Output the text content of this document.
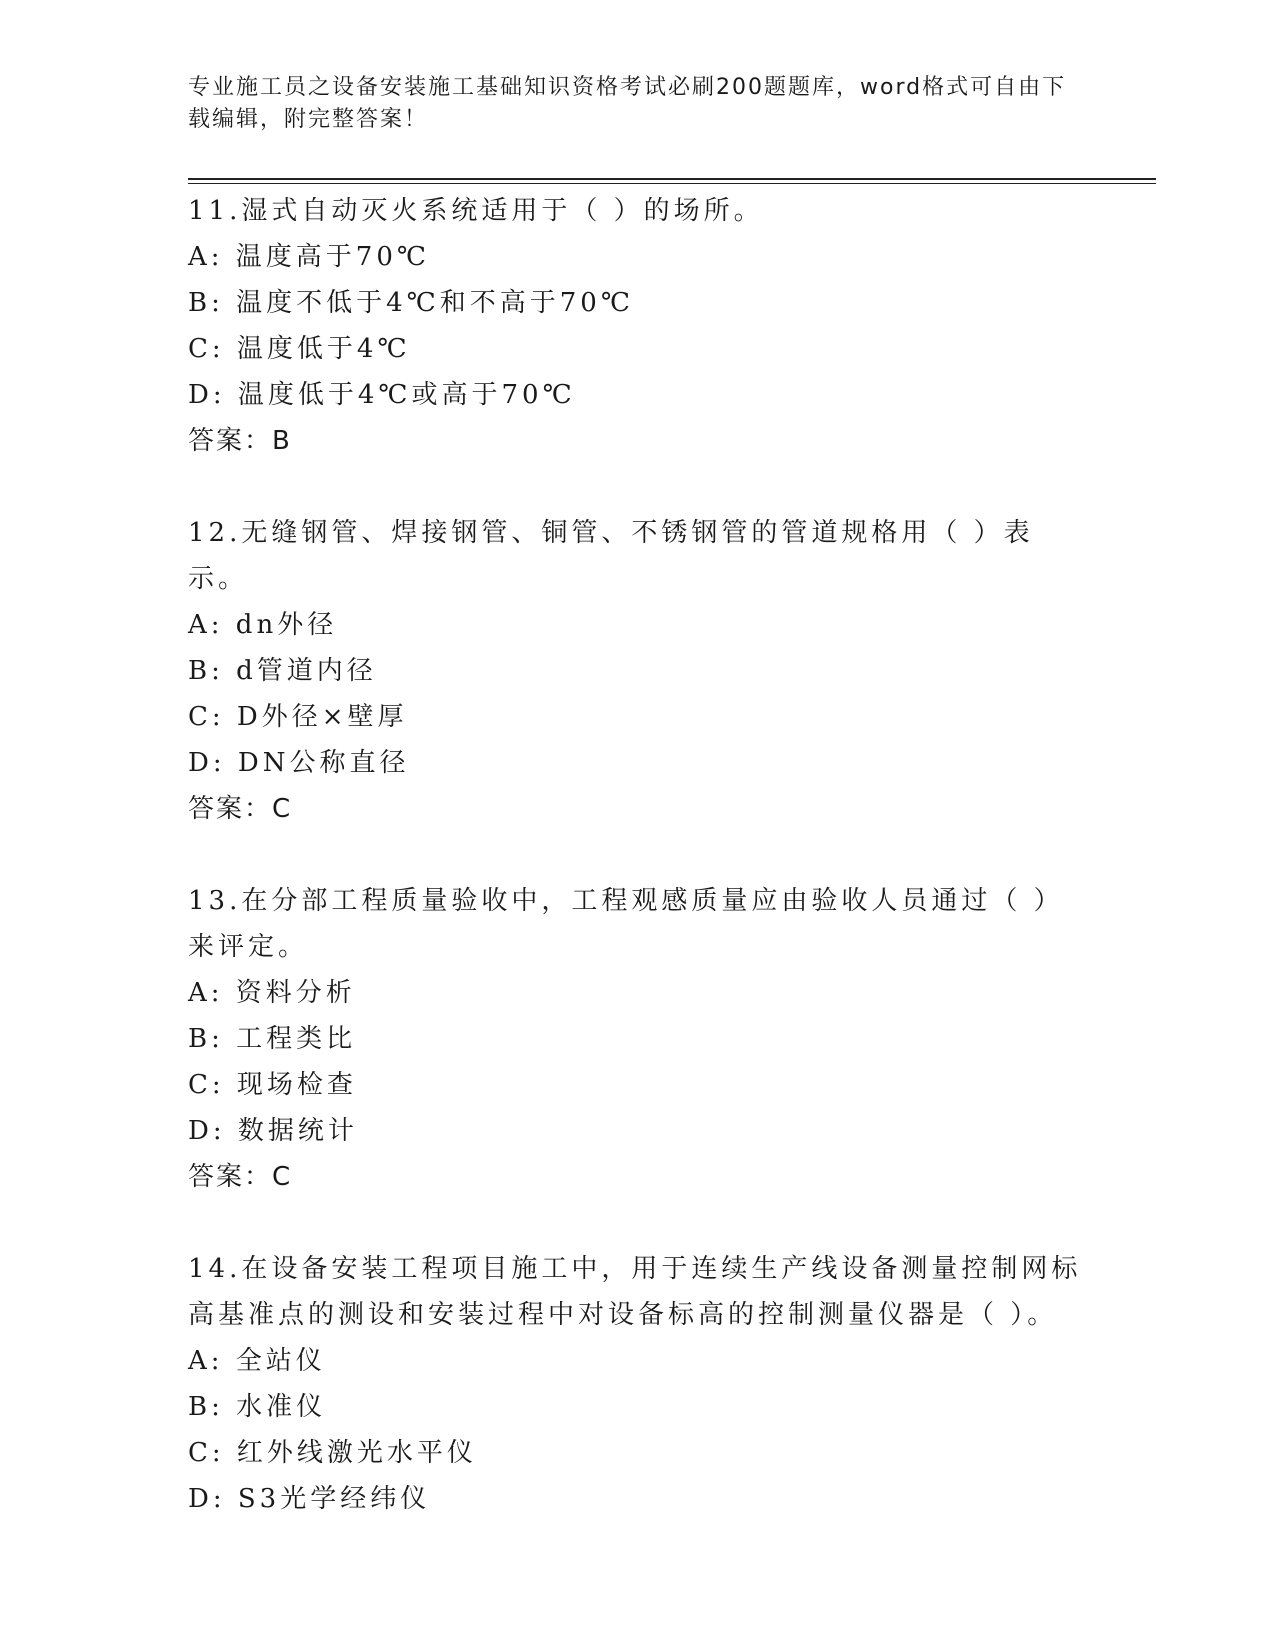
专业施工员之设备安装施工基础知识资格考试必刷200题题库，word格式可自由下载编辑，附完整答案！
11.湿式自动灭火系统适用于（ ）的场所。
A: 温度高于70℃
B: 温度不低于4℃和不高于70℃
C: 温度低于4℃
D: 温度低于4℃或高于70℃
答案：B
12.无缝钢管、焊接钢管、铜管、不锈钢管的管道规格用（ ）表示。
A: dn外径
B: d管道内径
C: D外径×壁厚
D: DN公称直径
答案：C
13.在分部工程质量验收中，工程观感质量应由验收人员通过（ ）来评定。
A: 资料分析
B: 工程类比
C: 现场检查
D: 数据统计
答案：C
14.在设备安装工程项目施工中，用于连续生产线设备测量控制网标高基准点的测设和安装过程中对设备标高的控制测量仪器是（ ）。
A: 全站仪
B: 水准仪
C: 红外线激光水平仪
D: S3光学经纬仪
